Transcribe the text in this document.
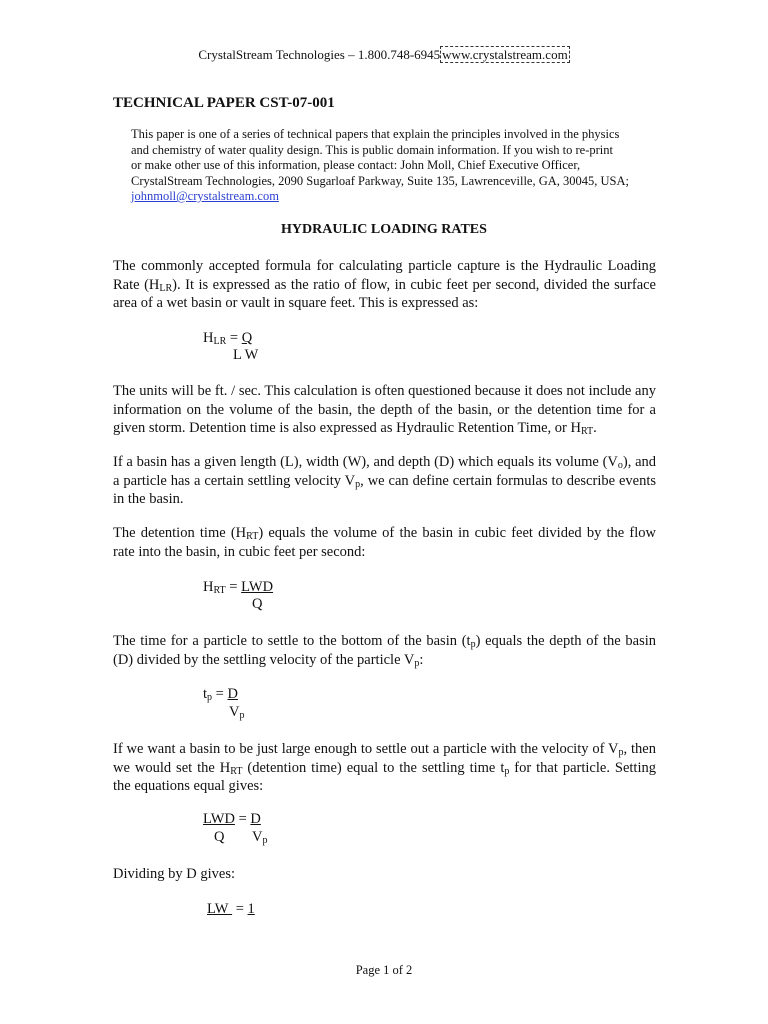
CrystalStream Technologies – 1.800.748-6945 www.crystalstream.com
TECHNICAL PAPER CST-07-001
This paper is one of a series of technical papers that explain the principles involved in the physics
and chemistry of water quality design. This is public domain information. If you wish to re-print
or make other use of this information, please contact: John Moll, Chief Executive Officer,
CrystalStream Technologies, 2090 Sugarloaf Parkway, Suite 135, Lawrenceville, GA, 30045, USA;
johnmoll@crystalstream.com
HYDRAULIC LOADING RATES
The commonly accepted formula for calculating particle capture is the Hydraulic Loading Rate $(H_{LR})$. It is expressed as the ratio of flow, in cubic feet per second, divided the surface area of a wet basin or vault in square feet. This is expressed as:
$H_{LR} = Q$
L W
The units will be ft. / sec. This calculation is often questioned because it does not include any information on the volume of the basin, the depth of the basin, or the detention time for a given storm. Detention time is also expressed as Hydraulic Retention Time, or $H_{RT}$.
If a basin has a given length (L), width (W), and depth (D) which equals its volume $(V_o)$, and a particle has a certain settling velocity $V_p$, we can define certain formulas to describe events in the basin.
The detention time $(H_{RT})$ equals the volume of the basin in cubic feet divided by the flow rate into the basin, in cubic feet per second:
$H_{RT}$ = LWD
Q
The time for a particle to settle to the bottom of the basin $(t_p)$ equals the depth of the basin (D) divided by the settling velocity of the particle $V_p$:
$t_p = D$
$V_p$
If we want a basin to be just large enough to settle out a particle with the velocity of $V_p$, then we would set the $H_{RT}$ (detention time) equal to the settling time $t_p$ for that particle. Setting the equations equal gives:
LWD = D
Q $V_p$
Dividing by D gives:
LW  = 1
Page 1 of 2
